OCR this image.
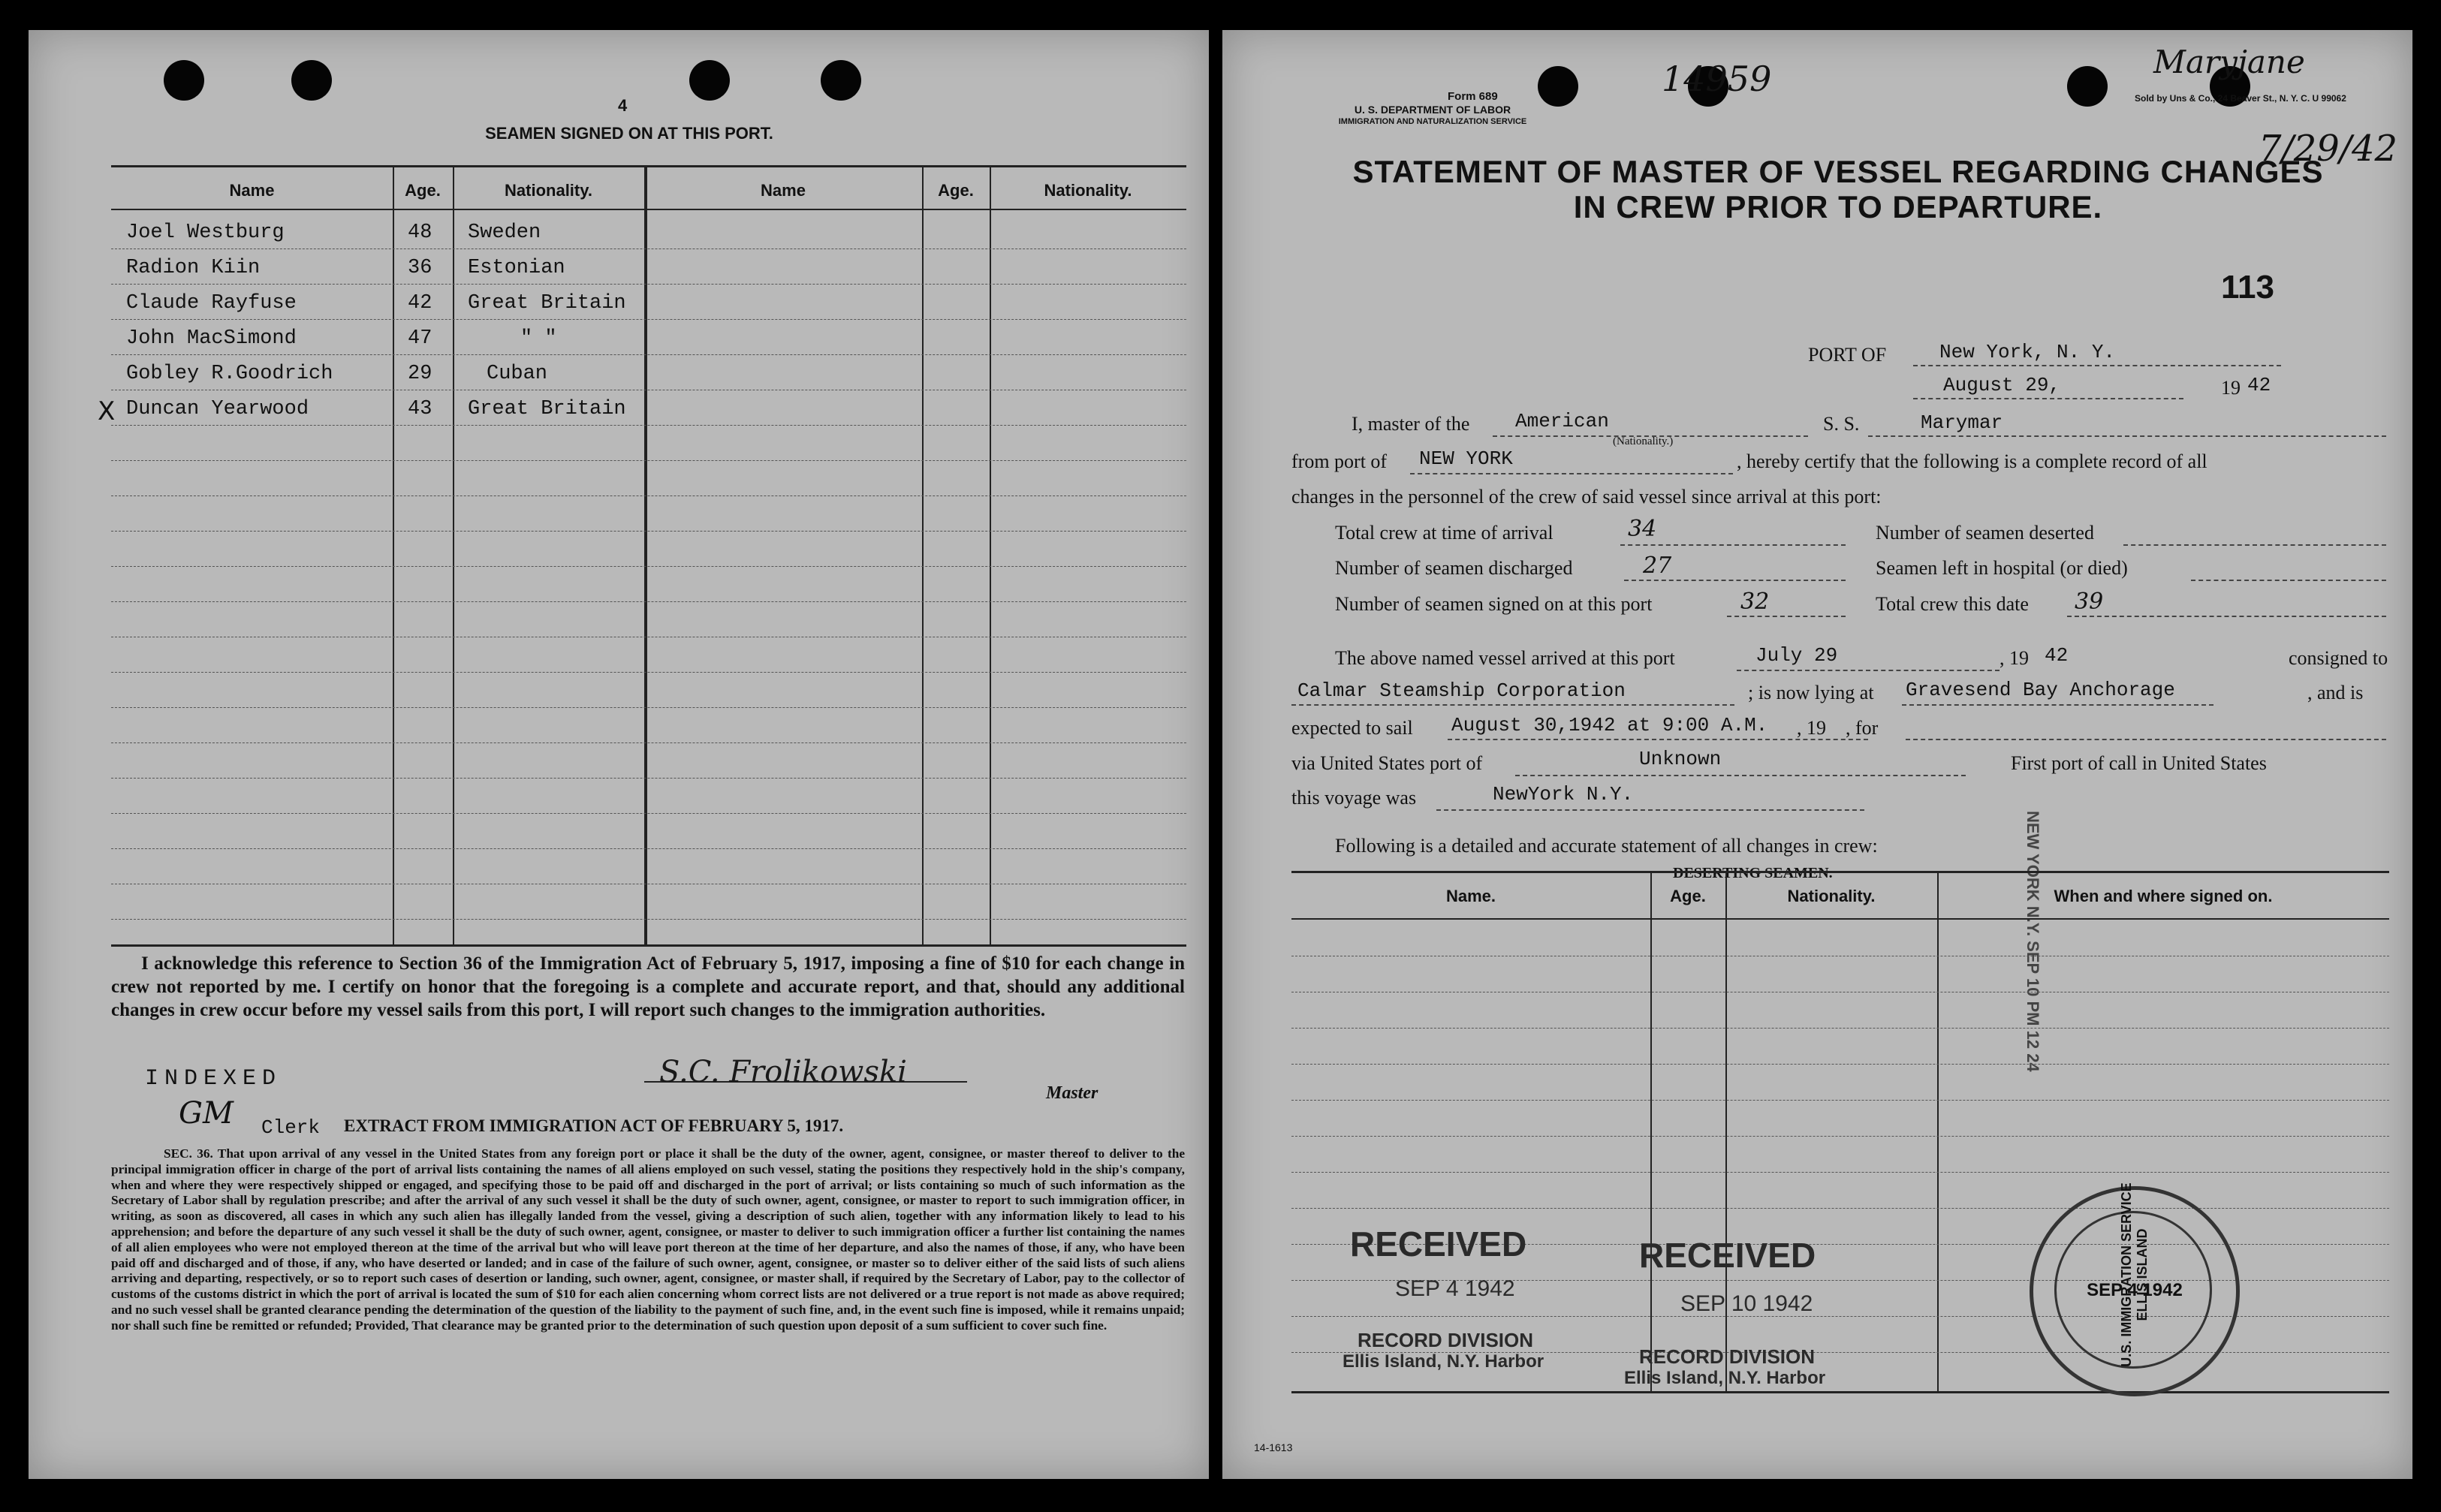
4
SEAMEN SIGNED ON AT THIS PORT.
Name	Age.	Nationality.	Name	Age.	Nationality.
Joel Westburg	48 Sweden
Radion Kiin	36 Estonian
Claude Rayfuse	42 Great Britain
John MacSimond	47	" "
Gobley R.Goodrich	29	Cuban
X Duncan Yearwood	43 Great Britain
I acknowledge this reference to Section 36 of the Immigration Act of February 5, 1917, imposing a fine of $10 for each change in crew not reported by me. I certify on honor that the foregoing is a complete and accurate report, and that, should any additional changes in crew occur before my vessel sails from this port, I will report such changes to the immigration authorities.
INDEXED	S.C. Frolikowski
Master
GM Clerk EXTRACT FROM IMMIGRATION ACT OF FEBRUARY 5, 1917.
SEC. 36. That upon arrival of any vessel in the United States from any foreign port or place it shall be the duty of the owner, agent, consignee, or master thereof to deliver to the principal immigration officer in charge of the port of arrival lists containing the names of all aliens employed on such vessel, stating the positions they respectively hold in the ship's company, when and where they were respectively shipped or engaged, and specifying those to be paid off and discharged in the port of arrival; or lists containing so much of such information as the Secretary of Labor shall by regulation prescribe; and after the arrival of any such vessel it shall be the duty of such owner, agent, consignee, or master to report to such immigration officer, in writing, as soon as discovered, all cases in which any such alien has illegally landed from the vessel, giving a description of such alien, together with any information likely to lead to his apprehension; and before the departure of any such vessel it shall be the duty of such owner, agent, consignee, or master to deliver to such immigration officer a further list containing the names of all alien employees who were not employed thereon at the time of the arrival but who will leave port thereon at the time of her departure, and also the names of those, if any, who have been paid off and discharged and of those, if any, who have deserted or landed; and in case of the failure of such owner, agent, consignee, or master so to deliver either of the said lists of such aliens arriving and departing, respectively, or so to report such cases of desertion or landing, such owner, agent, consignee, or master shall, if required by the Secretary of Labor, pay to the collector of customs of the customs district in which the port of arrival is located the sum of $10 for each alien concerning whom correct lists are not delivered or a true report is not made as above required; and no such vessel shall be granted clearance pending the determination of the question of the liability to the payment of such fine, and, in the event such fine is imposed, while it remains unpaid; nor shall such fine be remitted or refunded; Provided, That clearance may be granted prior to the determination of such question upon deposit of a sum sufficient to cover such fine.
Form 689
U. S. DEPARTMENT OF LABOR
IMMIGRATION AND NATURALIZATION SERVICE
Sold by Uns & Co., 24 Beaver St., N. Y. C. U 99062
14959	Maryjane
7/29/42
STATEMENT OF MASTER OF VESSEL REGARDING CHANGES
IN CREW PRIOR TO DEPARTURE.
113
PORT OF	New York, N. Y.
August 29,	19 42
I, master of the American
(Nationality.)
S. S.	Marymar
from port of NEW YORK	, hereby certify that the following is a complete record of all
changes in the personnel of the crew of said vessel since arrival at this port:
Total crew at time of arrival	34	Number of seamen deserted
Number of seamen discharged	27	Seamen left in hospital (or died)
Number of seamen signed on at this port	32	Total crew this date 39
The above named vessel arrived at this port	July 29	, 19 42	consigned to
Calmar Steamship Corporation	; is now lying at Gravesend Bay Anchorage	, and is
expected to sail August 30,1942 at 9:00 A.M. , 19 , for
via United States port of	Unknown	First port of call in United States
this voyage was	NewYork N.Y.
Following is a detailed and accurate statement of all changes in crew:
DESERTING SEAMEN.	NEW YORK N.Y. SEP 10 PM 12 24
Name.	Age.	Nationality.	When and where signed on.
RECEIVED
SEP 4 1942
RECORD DIVISION
Ellis Island, N.Y. Harbor
RECEIVED
SEP 10 1942
RECORD DIVISION
Ellis Island, N.Y. Harbor
U.S. IMMIGRATION SERVICE ELLIS ISLAND
SEP 4 1942
14-1613
